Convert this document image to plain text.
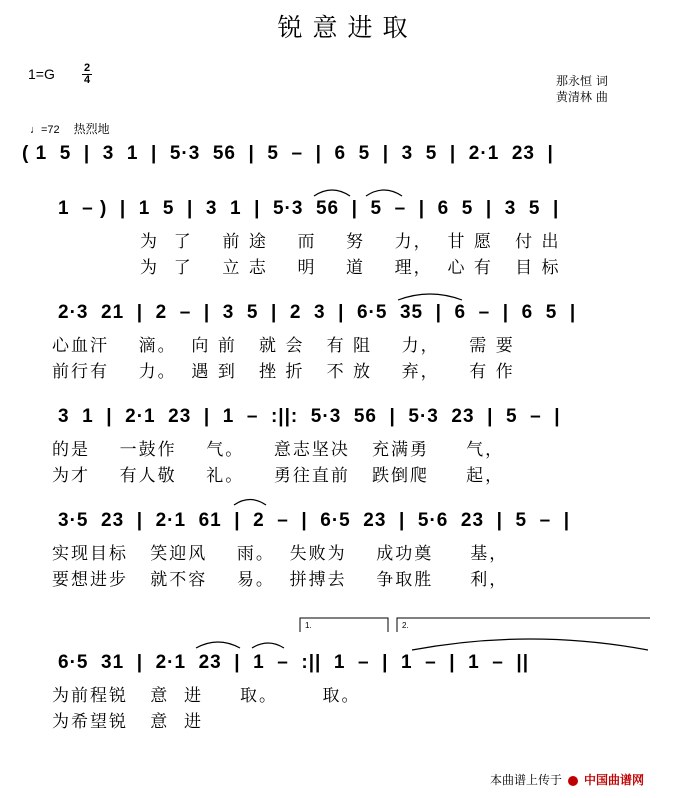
锐意进取
1=G	2
4	那永恒 词
黄清林 曲
♩=72 热烈地
( 1  5  |  3  1  |  5·3  56  |  5  –  |  6  5  |  3  5  |  2·1  23  |
1  – )  |  1  5  |  3  1  |  5·3  56  |  5  –  |  6  5  |  3  5  |
为  了    前 途    而    努    力，  甘 愿   付 出
为  了    立 志    明    道    理，  心 有   目 标
2·3  21  |  2  –  |  3  5  |  2  3  |  6·5  35  |  6  –  |  6  5  |
心血汗    滴。  向 前   就 会   有 阻    力，    需 要
前行有    力。  遇 到   挫 折   不 放    弃，    有 作
3  1  |  2·1  23  |  1  –  :||:  5·3  56  |  5·3  23  |  5  –  |
的是    一鼓作    气。    意志坚决   充满勇     气，
为才    有人敬    礼。    勇往直前   跌倒爬     起，
3·5  23  |  2·1  61  |  2  –  |  6·5  23  |  5·6  23  |  5  –  |
实现目标   笑迎风    雨。  失败为    成功奠     基，
要想进步   就不容    易。  拼搏去    争取胜     利，
1.	2.
6·5  31  |  2·1  23  |  1  –  :||  1  –  |  1  –  |  1  –  ||
为前程锐   意  进     取。      取。
为希望锐   意  进
本曲谱上传于 中国曲谱网
